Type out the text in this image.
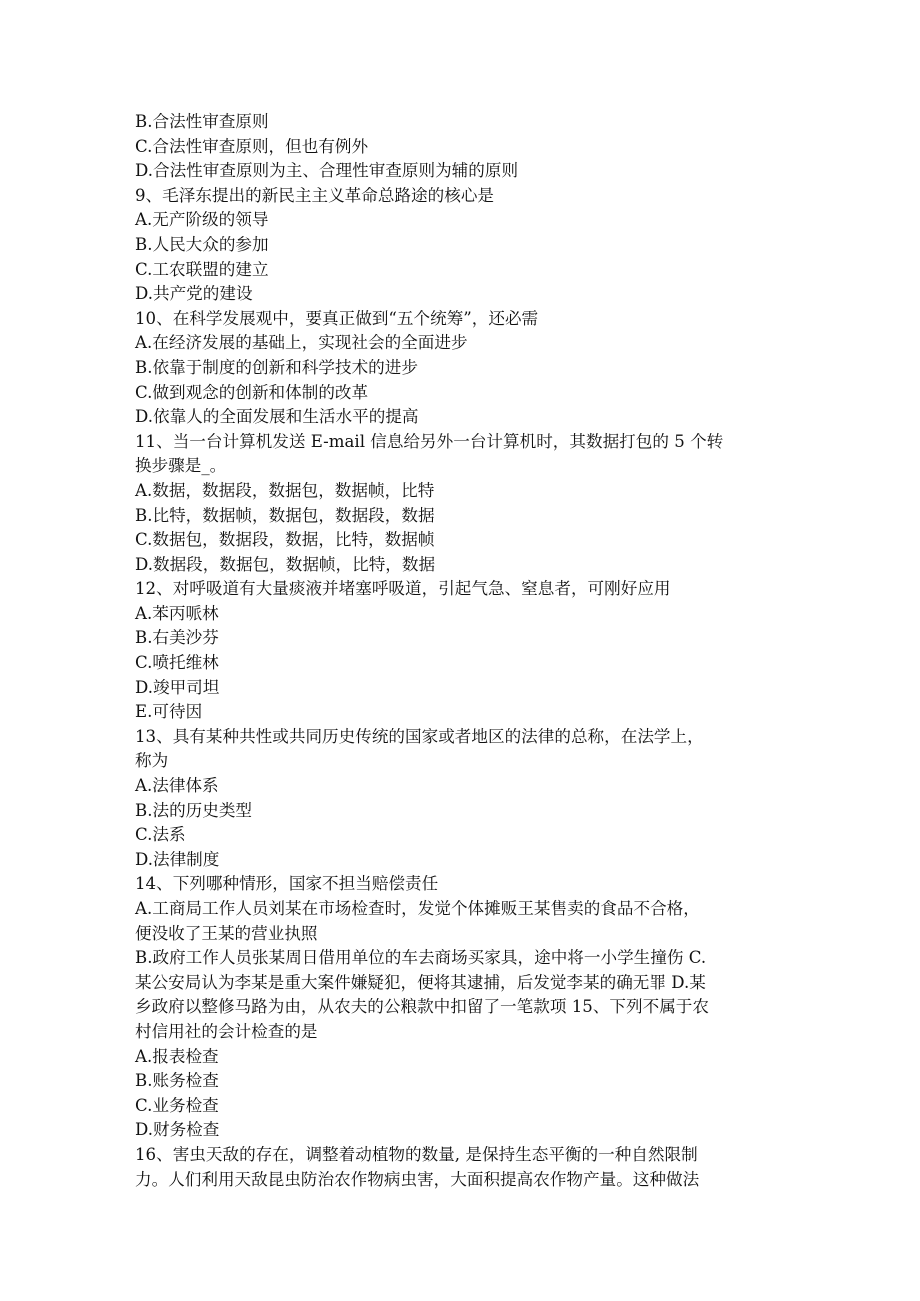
B.合法性审查原则
C.合法性审查原则，但也有例外
D.合法性审查原则为主、合理性审查原则为辅的原则
9、毛泽东提出的新民主主义革命总路途的核心是
A.无产阶级的领导
B.人民大众的参加
C.工农联盟的建立
D.共产党的建设
10、在科学发展观中，要真正做到“五个统筹”，还必需
A.在经济发展的基础上，实现社会的全面进步
B.依靠于制度的创新和科学技术的进步
C.做到观念的创新和体制的改革
D.依靠人的全面发展和生活水平的提高
11、当一台计算机发送 E-mail 信息给另外一台计算机时，其数据打包的 5 个转
换步骤是_。
A.数据，数据段，数据包，数据帧，比特
B.比特，数据帧，数据包，数据段，数据
C.数据包，数据段，数据，比特，数据帧
D.数据段，数据包，数据帧，比特，数据
12、对呼吸道有大量痰液并堵塞呼吸道，引起气急、窒息者，可刚好应用
A.苯丙哌林
B.右美沙芬
C.喷托维林
D.竣甲司坦
E.可待因
13、具有某种共性或共同历史传统的国家或者地区的法律的总称，在法学上，
称为
A.法律体系
B.法的历史类型
C.法系
D.法律制度
14、下列哪种情形，国家不担当赔偿责任
A.工商局工作人员刘某在市场检查时，发觉个体摊贩王某售卖的食品不合格，
便没收了王某的营业执照
B.政府工作人员张某周日借用单位的车去商场买家具，途中将一小学生撞伤 C.
某公安局认为李某是重大案件嫌疑犯，便将其逮捕，后发觉李某的确无罪 D.某
乡政府以整修马路为由，从农夫的公粮款中扣留了一笔款项 15、下列不属于农
村信用社的会计检查的是
A.报表检查
B.账务检查
C.业务检查
D.财务检查
16、害虫天敌的存在，调整着动植物的数量, 是保持生态平衡的一种自然限制
力。人们利用天敌昆虫防治农作物病虫害，大面积提高农作物产量。这种做法
